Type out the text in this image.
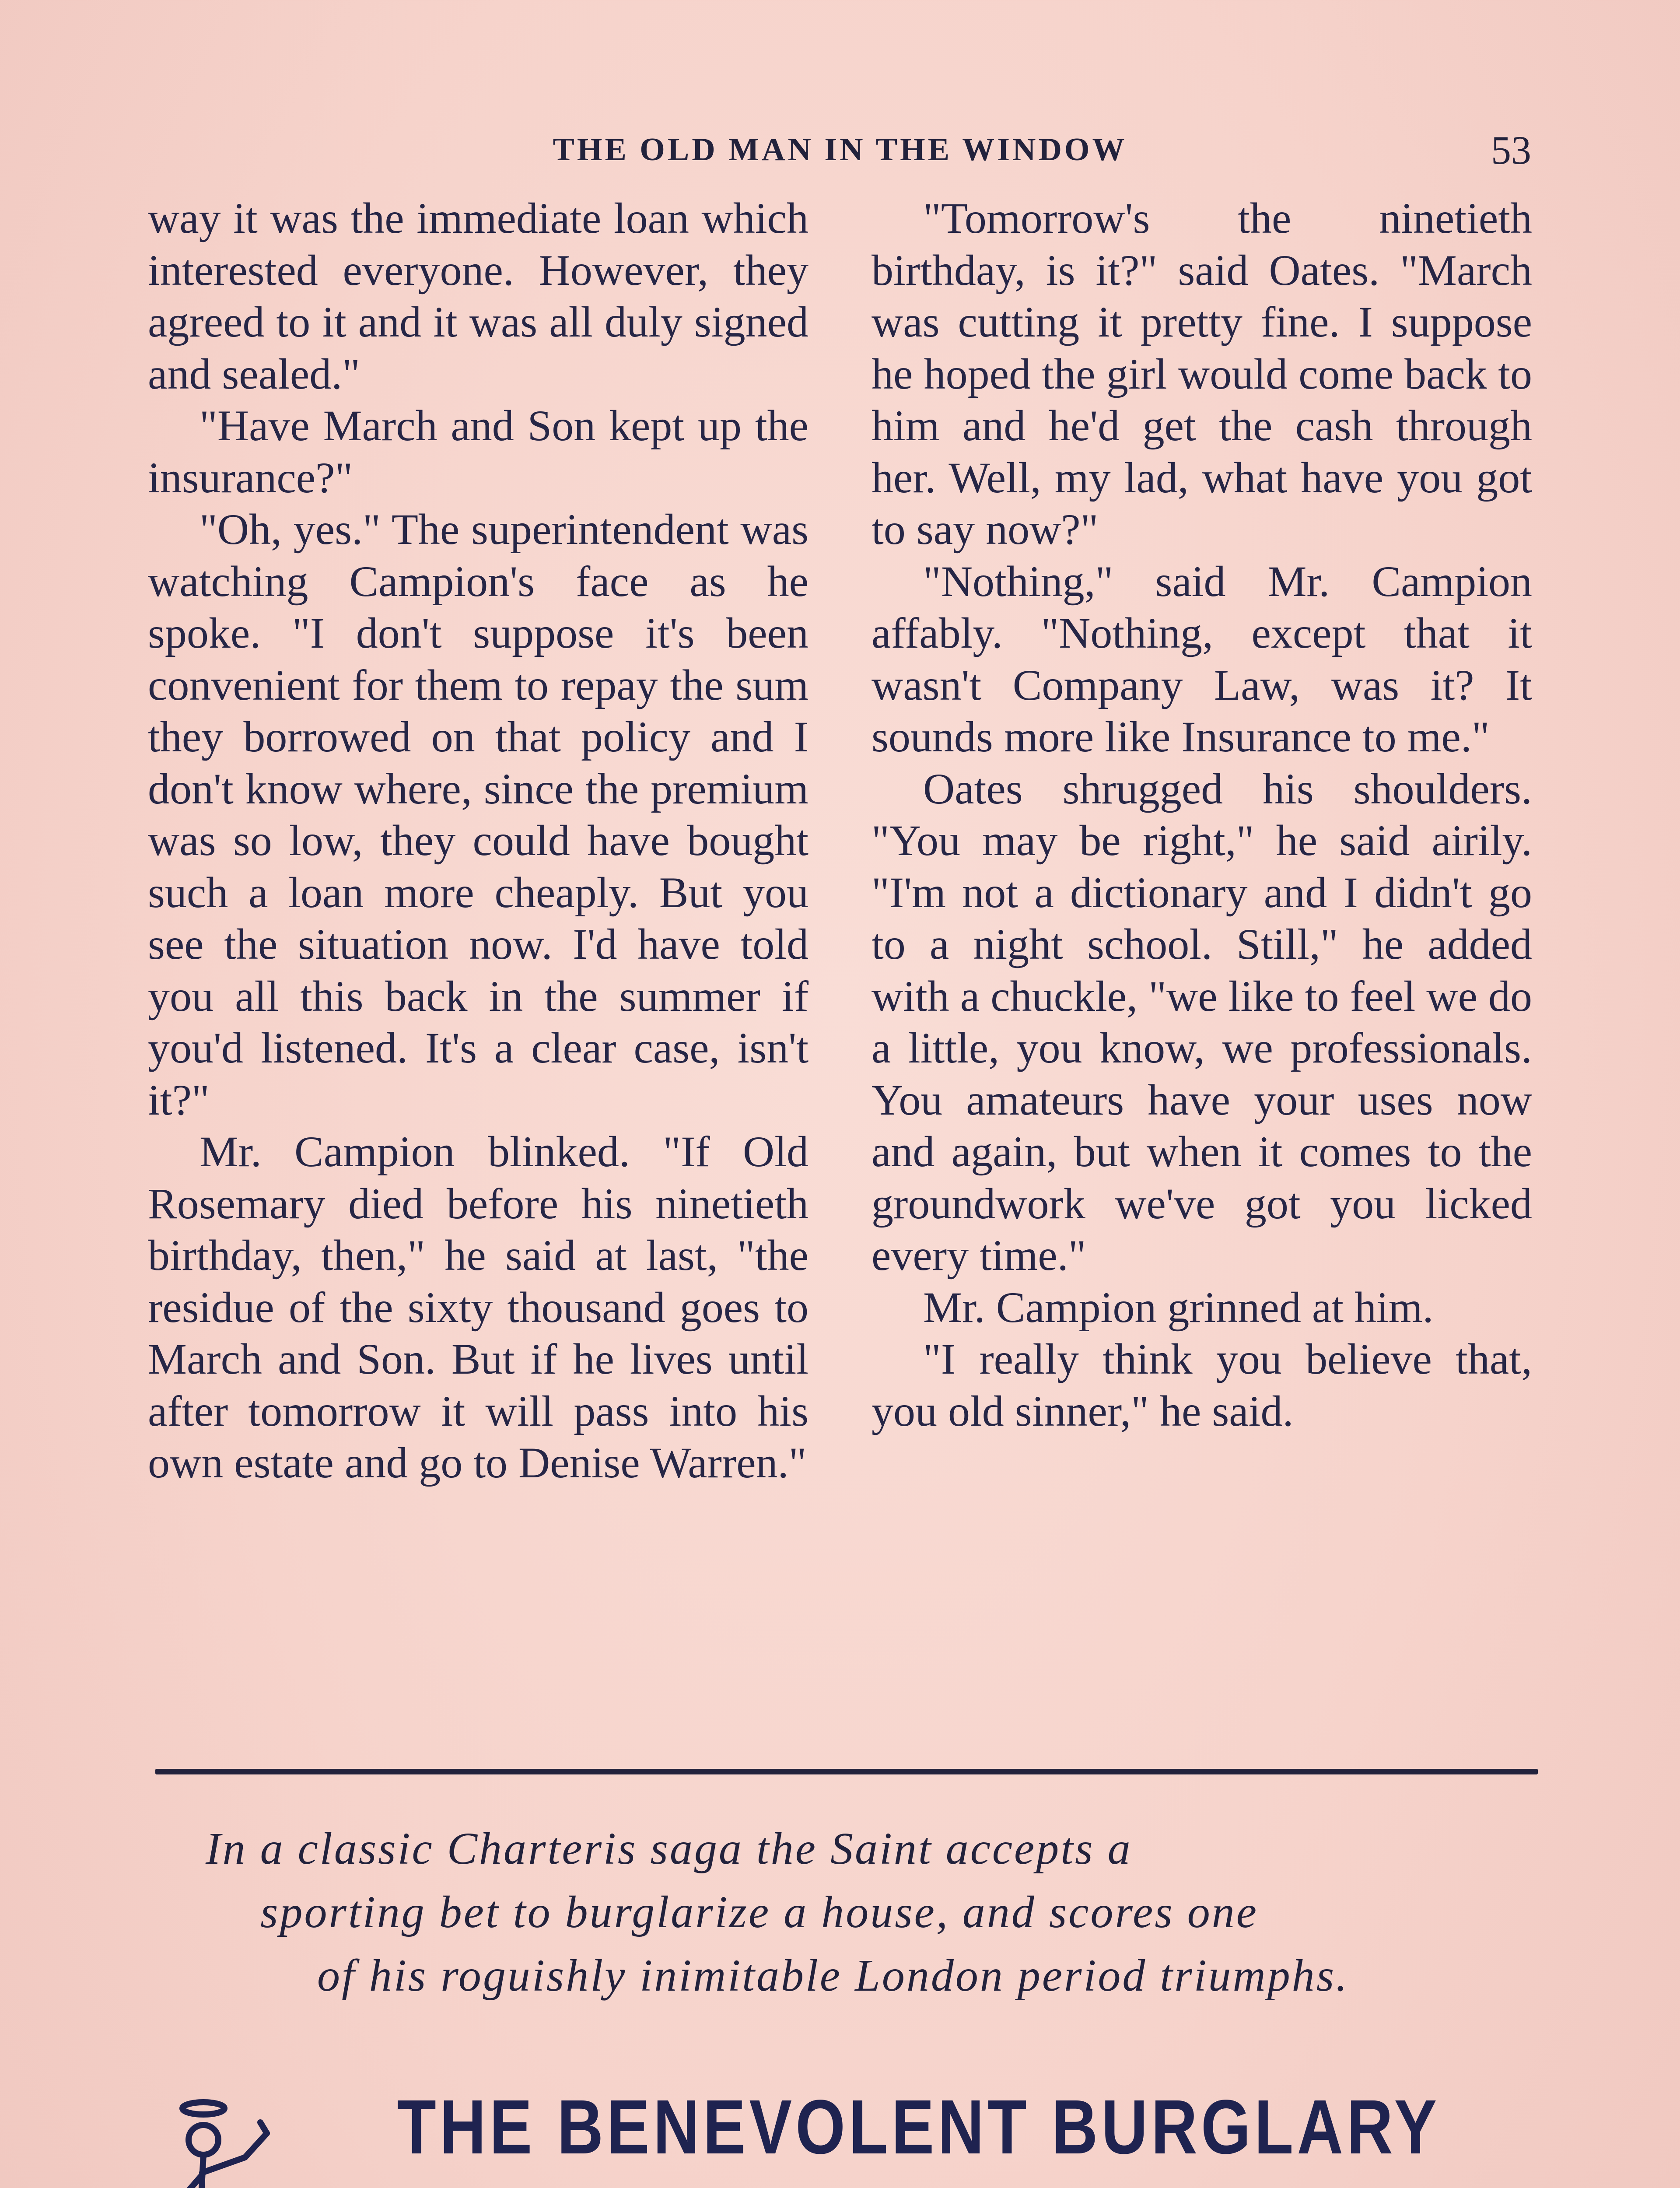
THE OLD MAN IN THE WINDOW	53

way it was the immediate loan which interested everyone. However, they agreed to it and it was all duly signed and sealed."

"Have March and Son kept up the insurance?"

"Oh, yes." The superintendent was watching Campion's face as he spoke. "I don't suppose it's been convenient for them to repay the sum they borrowed on that policy and I don't know where, since the premium was so low, they could have bought such a loan more cheaply. But you see the situation now. I'd have told you all this back in the summer if you'd listened. It's a clear case, isn't it?"

Mr. Campion blinked. "If Old Rosemary died before his ninetieth birthday, then," he said at last, "the residue of the sixty thousand goes to March and Son. But if he lives until after tomorrow it will pass into his own estate and go to Denise Warren."

"Tomorrow's the ninetieth birthday, is it?" said Oates. "March was cutting it pretty fine. I suppose he hoped the girl would come back to him and he'd get the cash through her. Well, my lad, what have you got to say now?"

"Nothing," said Mr. Campion affably. "Nothing, except that it wasn't Company Law, was it? It sounds more like Insurance to me."

Oates shrugged his shoulders. "You may be right," he said airily. "I'm not a dictionary and I didn't go to a night school. Still," he added with a chuckle, "we like to feel we do a little, you know, we professionals. You amateurs have your uses now and again, but when it comes to the groundwork we've got you licked every time."

Mr. Campion grinned at him.

"I really think you believe that, you old sinner," he said.

In a classic Charteris saga the Saint accepts a
sporting bet to burglarize a house, and scores one
of his roguishly inimitable London period triumphs.
THE BENEVOLENT BURGLARY
